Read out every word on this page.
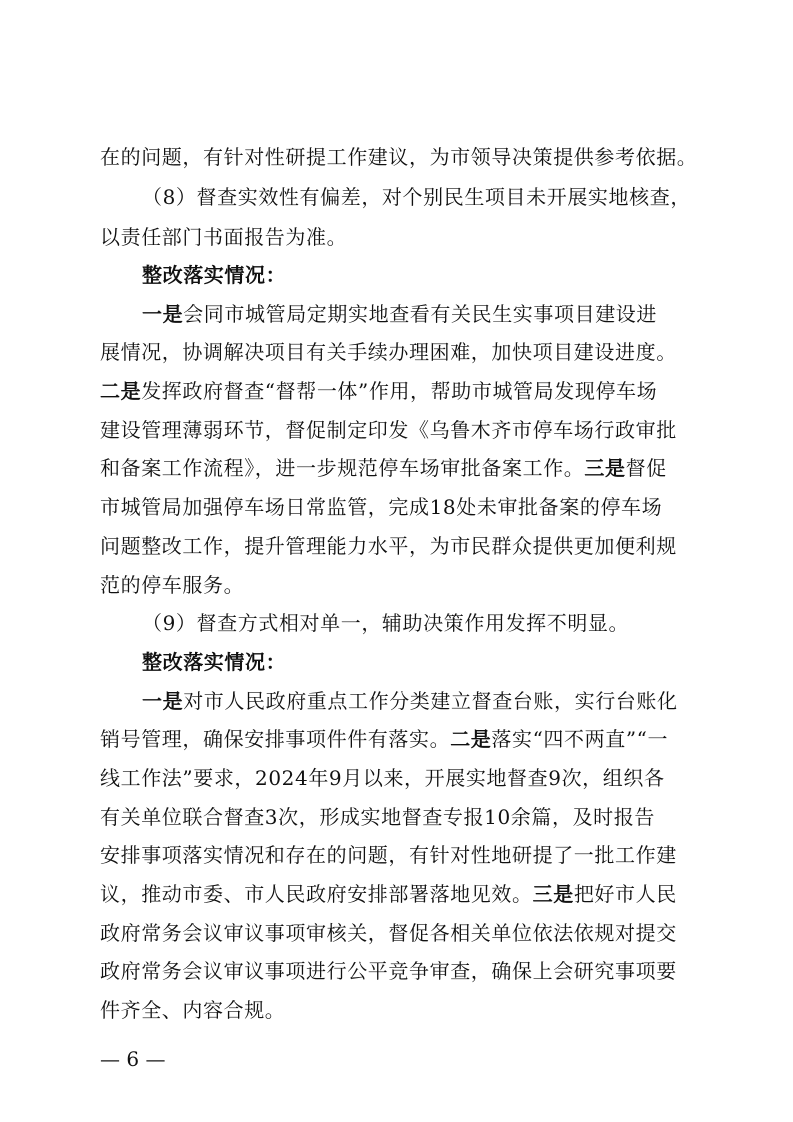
在的问题，有针对性研提工作建议，为市领导决策提供参考依据。
（8）督查实效性有偏差，对个别民生项目未开展实地核查，
以责任部门书面报告为准。
整改落实情况：
一是会同市城管局定期实地查看有关民生实事项目建设进
展情况，协调解决项目有关手续办理困难，加快项目建设进度。
二是发挥政府督查“督帮一体”作用，帮助市城管局发现停车场
建设管理薄弱环节，督促制定印发《乌鲁木齐市停车场行政审批
和备案工作流程》，进一步规范停车场审批备案工作。三是督促
市城管局加强停车场日常监管，完成18处未审批备案的停车场
问题整改工作，提升管理能力水平，为市民群众提供更加便利规
范的停车服务。
（9）督查方式相对单一，辅助决策作用发挥不明显。
整改落实情况：
一是对市人民政府重点工作分类建立督查台账，实行台账化
销号管理，确保安排事项件件有落实。二是落实“四不两直”“一
线工作法”要求，2024年9月以来，开展实地督查9次，组织各
有关单位联合督查3次，形成实地督查专报10余篇，及时报告
安排事项落实情况和存在的问题，有针对性地研提了一批工作建
议，推动市委、市人民政府安排部署落地见效。三是把好市人民
政府常务会议审议事项审核关，督促各相关单位依法依规对提交
政府常务会议审议事项进行公平竞争审查，确保上会研究事项要
件齐全、内容合规。
— 6 —
